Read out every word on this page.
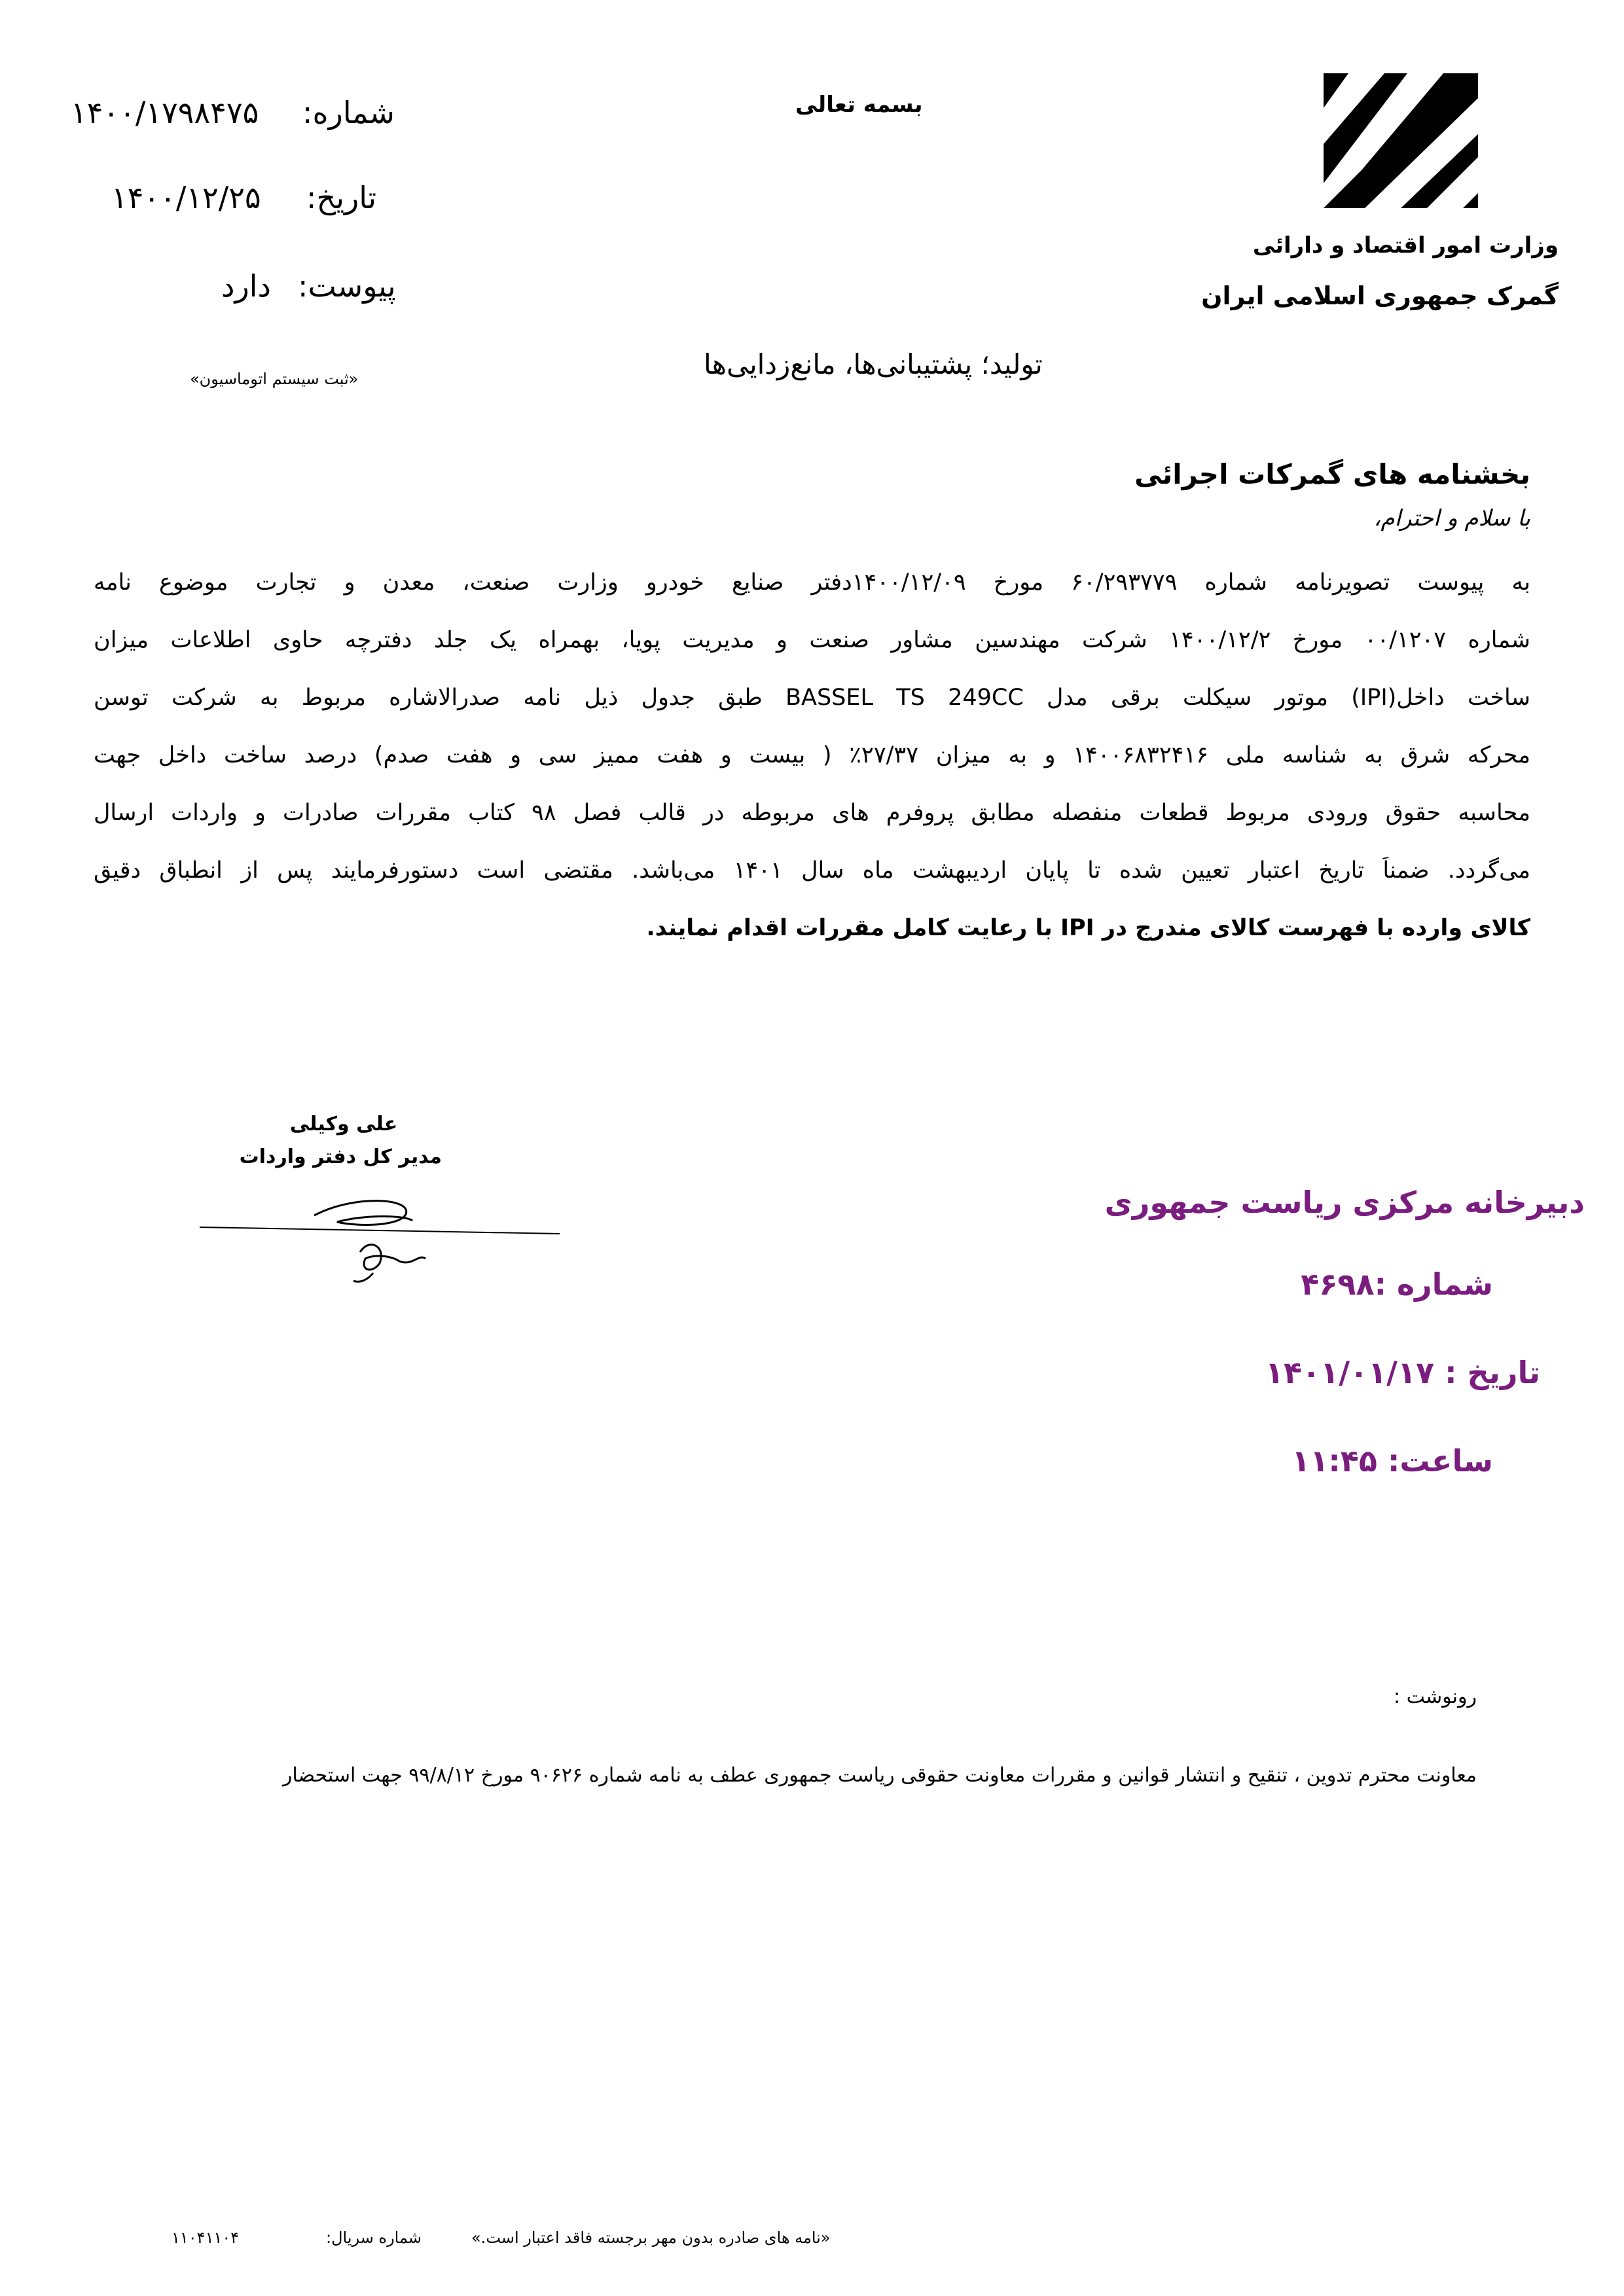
وزارت امور اقتصاد و دارائی
گمرک جمهوری اسلامی ایران
بسمه تعالی
شماره:
۱۴۰۰/۱۷۹۸۴۷۵
تاریخ:
۱۴۰۰/۱۲/۲۵
پیوست:
دارد
«ثبت سیستم اتوماسیون»	تولید؛ پشتیبانی‌ها، مانع‌زدایی‌ها
بخشنامه های گمرکات اجرائی
با سلام و احترام،
به پیوست تصویرنامه شماره ۶۰/۲۹۳۷۷۹ مورخ ۱۴۰۰/۱۲/۰۹دفتر صنایع خودرو وزارت صنعت، معدن و تجارت موضوع نامه
شماره ۰۰/۱۲۰۷ مورخ ۱۴۰۰/۱۲/۲ شرکت مهندسین مشاور صنعت و مدیریت پویا، بهمراه یک جلد دفترچه حاوی اطلاعات میزان
ساخت داخل(IPI) موتور سیکلت برقی مدل BASSEL TS 249CC طبق جدول ذیل نامه صدرالاشاره مربوط به شرکت توسن
محرکه شرق به شناسه ملی ۱۴۰۰۶۸۳۲۴۱۶ و به میزان ۲۷/۳۷٪ ( بیست و هفت ممیز سی و هفت صدم) درصد ساخت داخل جهت
محاسبه حقوق ورودی مربوط قطعات منفصله مطابق پروفرم های مربوطه در قالب فصل ۹۸ کتاب مقررات صادرات و واردات ارسال
می‌گردد. ضمناً تاریخ اعتبار تعیین شده تا پایان اردیبهشت ماه سال ۱۴۰۱ می‌باشد. مقتضی است دستورفرمایند پس از انطباق دقیق
کالای وارده با فهرست کالای مندرج در IPI با رعایت کامل مقررات اقدام نمایند.
علی وکیلی
مدیر کل دفتر واردات
دبیرخانه مرکزی ریاست جمهوری
شماره :۴۶۹۸
تاریخ : ۱۴۰۱/۰۱/۱۷
ساعت: ۱۱:۴۵
رونوشت :
معاونت محترم تدوین ، تنقیح و انتشار قوانین و مقررات معاونت حقوقی ریاست جمهوری عطف به نامه شماره ۹۰۶۲۶ مورخ ۹۹/۸/۱۲ جهت استحضار
«نامه های صادره بدون مهر برجسته فاقد اعتبار است.»
شماره سریال:
۱۱۰۴۱۱۰۴
